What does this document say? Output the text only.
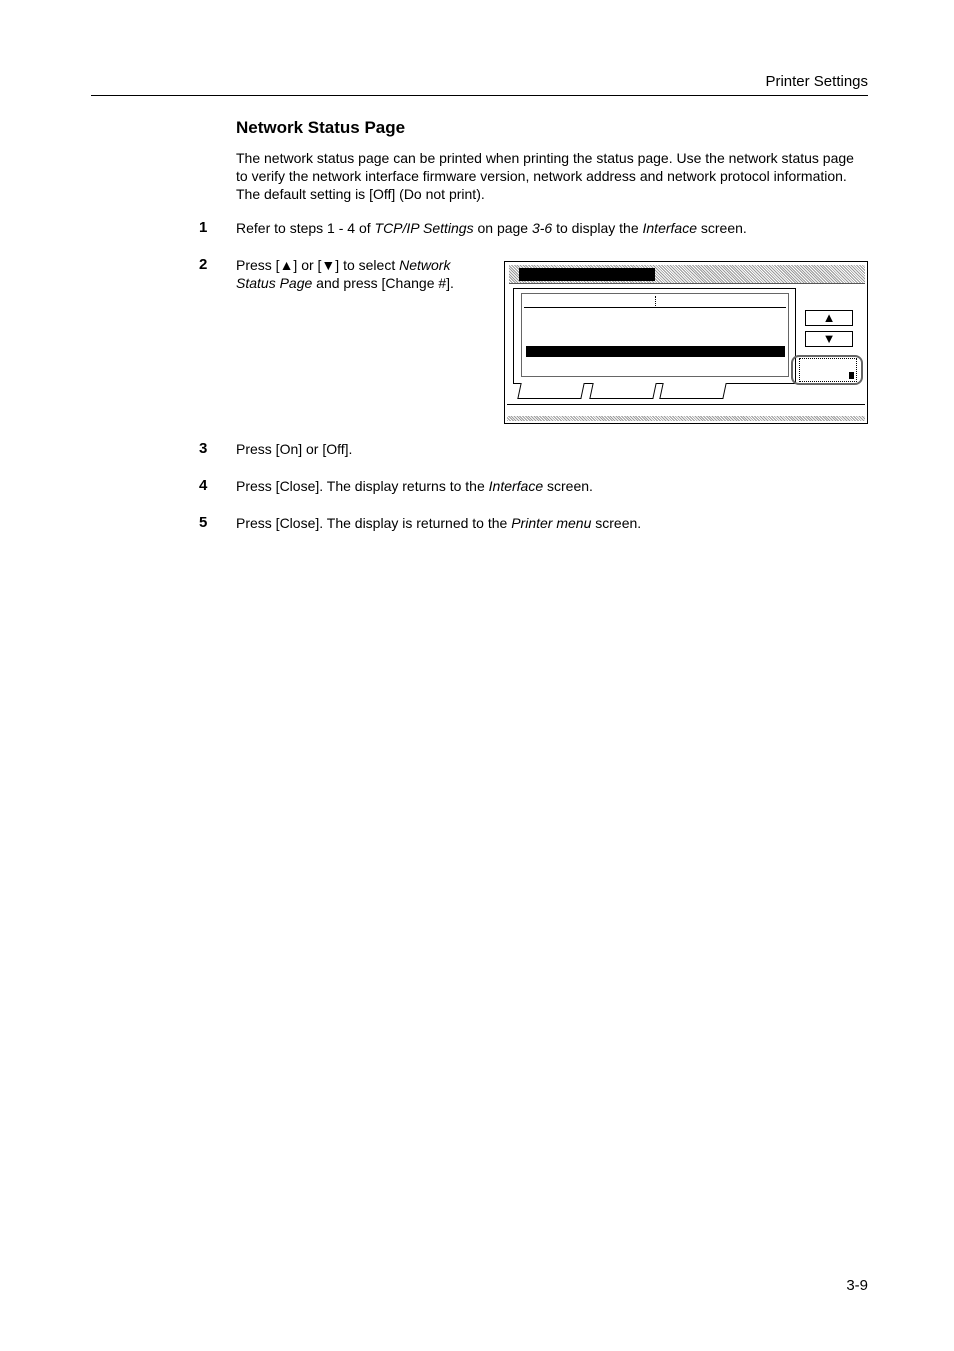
Printer Settings
Network Status Page
The network status page can be printed when printing the status page. Use the network status page to verify the network interface firmware version, network address and network protocol information. The default setting is [Off] (Do not print).
1 Refer to steps 1 - 4 of TCP/IP Settings on page 3-6 to display the Interface screen.
2 Press [▲] or [▼] to select Network Status Page and press [Change #].
▲
▼
3 Press [On] or [Off].
4 Press [Close]. The display returns to the Interface screen.
5 Press [Close]. The display is returned to the Printer menu screen.
3-9
